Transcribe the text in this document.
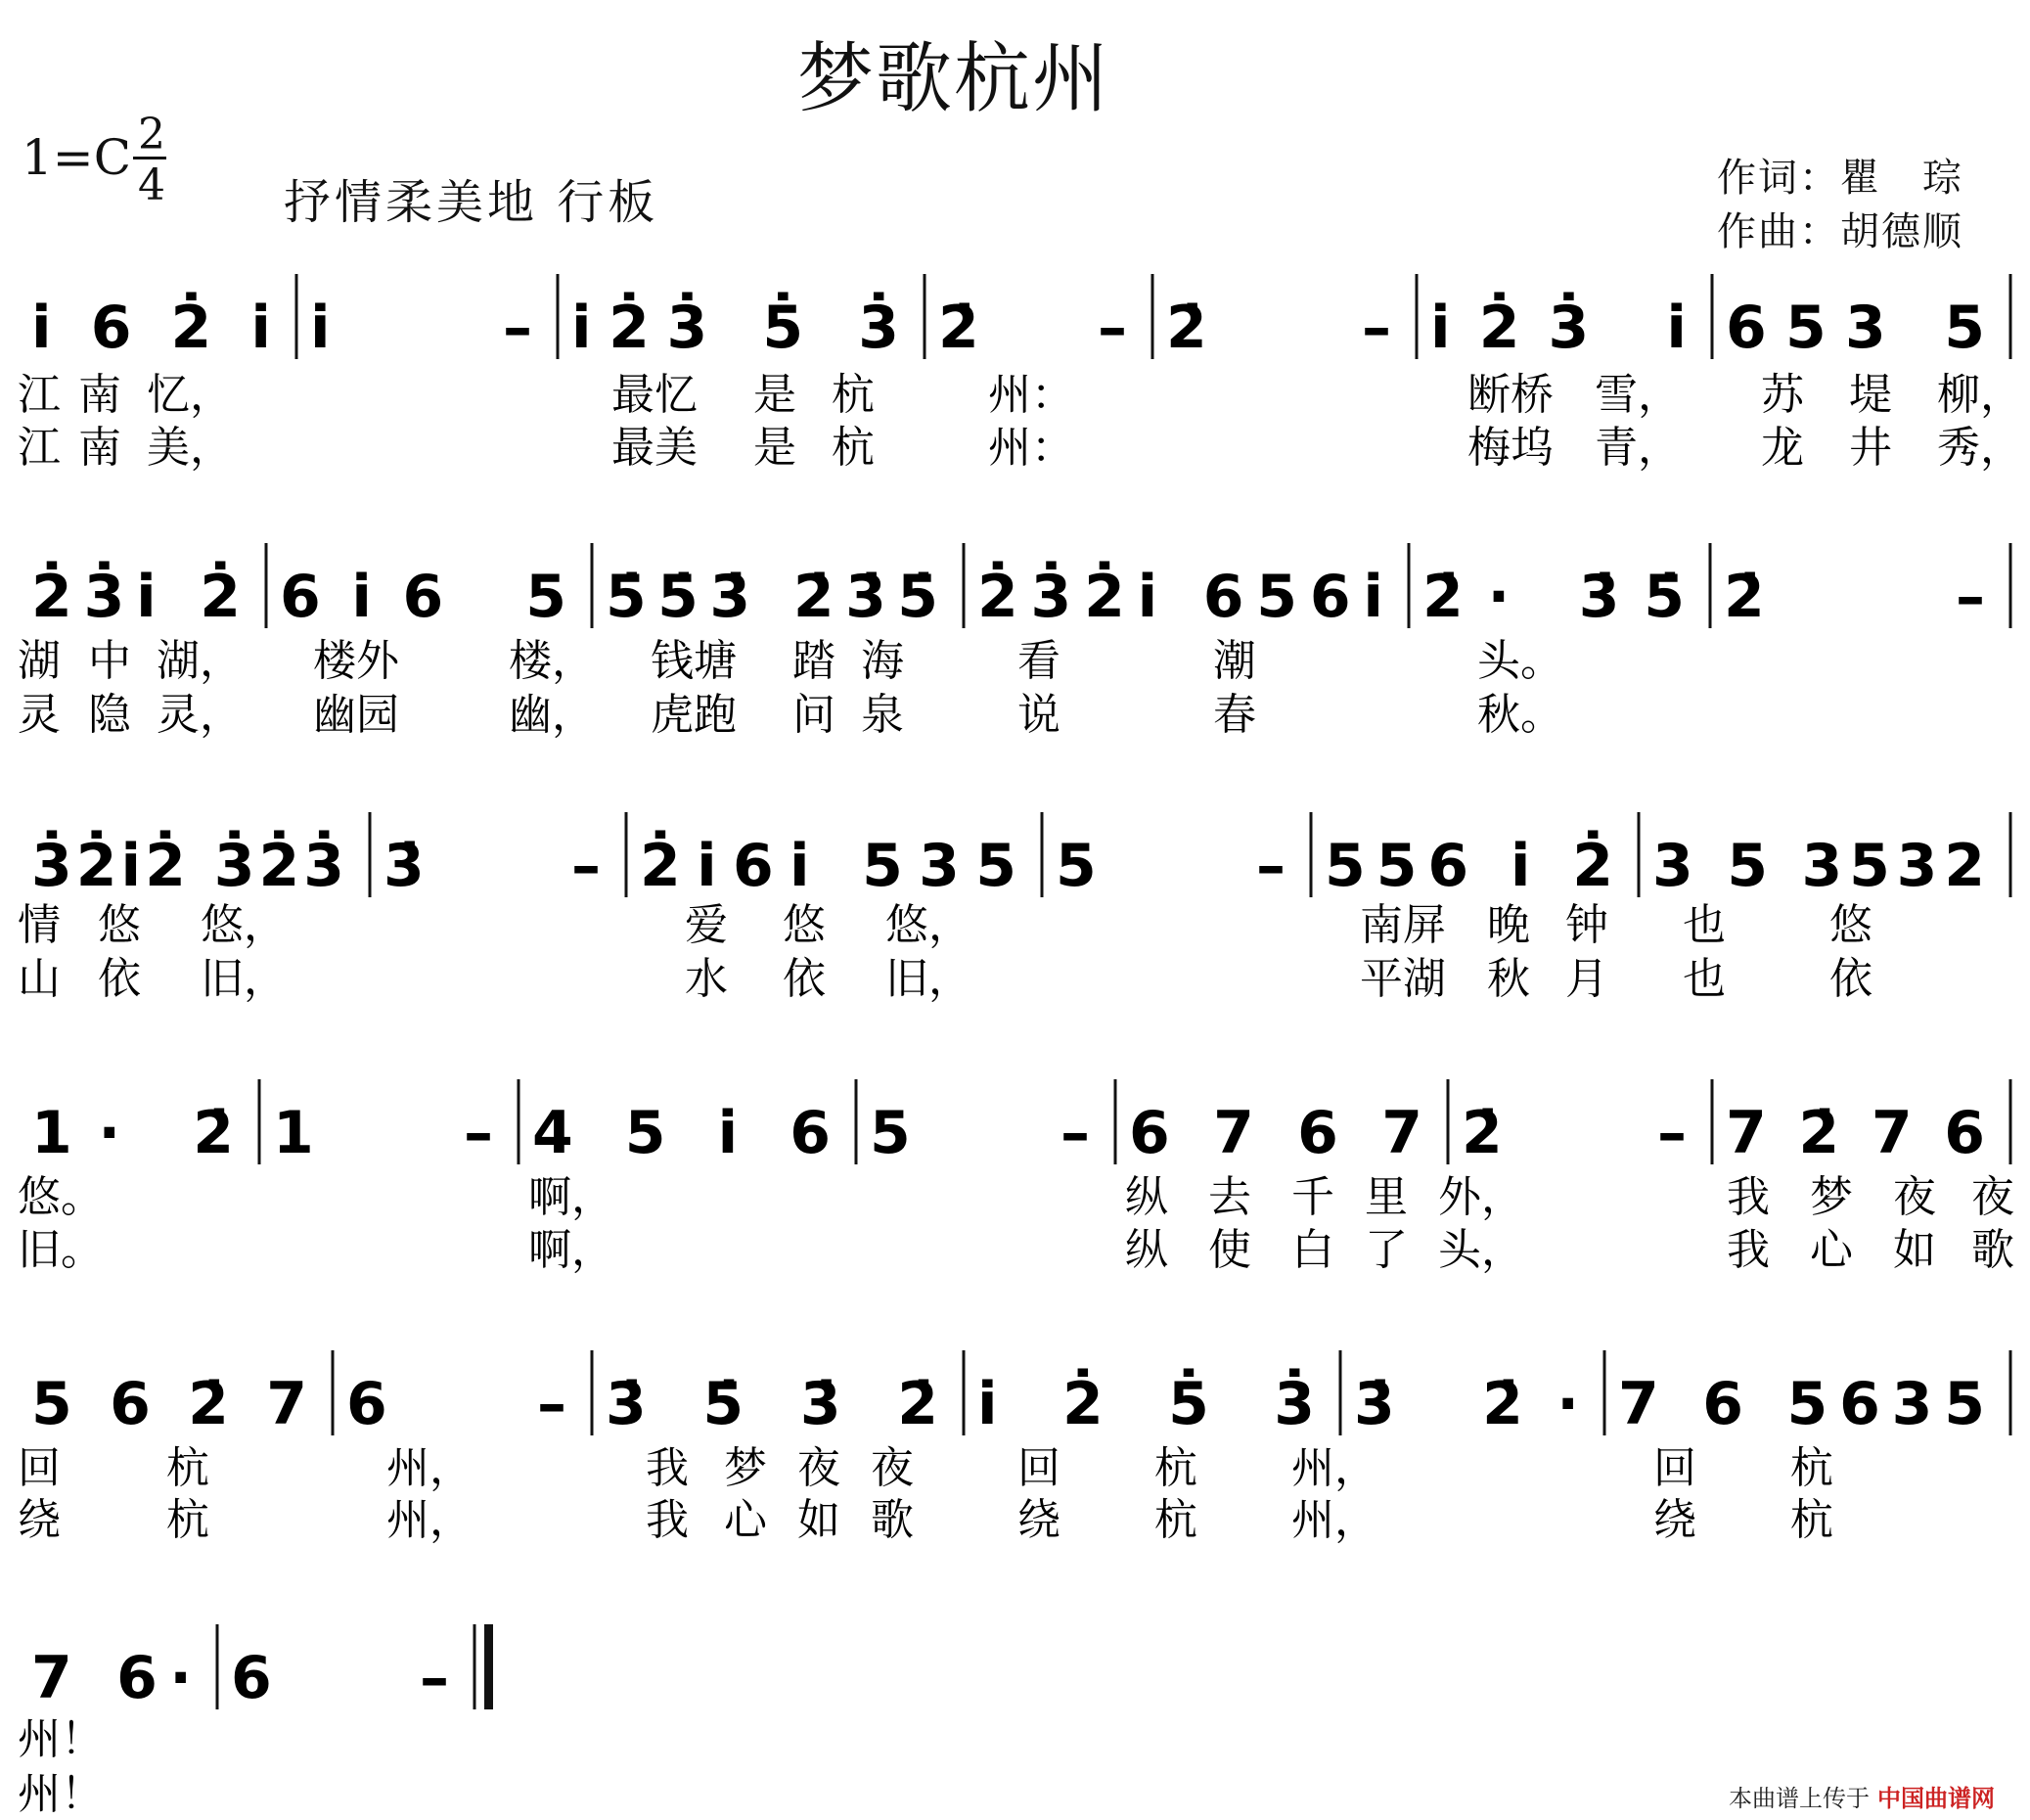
梦歌杭州
1=C 2
4	抒情柔美地 行板	作词：瞿　琮
作曲：胡德顺
i̇ 6 2̇ i̇ i̇ – i̇2̇3̇ 5̇ 3̇ 2̇ – 2̇ – i̇2̇3̇ i̇ 653 5
江 南 忆，	最忆 是 杭	州：	断桥 雪， 苏 堤 柳，
江 南 美，	最美 是 杭	州：	梅坞 青， 龙 井 秀，
2̇3̇i̇ 2̇ 6i̇6 5 5̇5̇3̇ 2̇3̇5̇ 2̇3̇2̇i̇ 656i̇ 2̇· 3̇5̇ 2̇ –
湖 中 湖， 楼外	楼， 钱塘 踏 海	看	潮	头。
灵 隐 灵， 幽园	幽， 虎跑 问 泉	说	春	秋。
3̇2̇i̇2̇ 3̇2̇3̇ 3̇ – 2̇i̇6i̇ 535 5 – 556 i̇ 2̇ 3 5 3532
情 悠 悠，	爱 悠 悠，	南屏 晚 钟 也 悠
山 依 旧，	水 依 旧，	平湖 秋 月 也 依
1· 2̇ 1 – 4 5 i̇ 6 5 – 6 7 6 7 2̇ – 7 2̇ 7 6
悠。	啊，	纵 去 千 里 外，	我 梦 夜 夜
旧。	啊，	纵 使 白 了 头，	我 心 如 歌
5 6 2̇ 7 6 – 3̇ 5̇ 3̇ 2̇ i̇ 2̇ 5̇ 3̇ 3̇ 2̇· 7 6 5635
回 杭	州，	我 梦 夜 夜 回 杭 州，	回 杭
绕 杭	州，	我 心 如 歌 绕 杭 州，	绕 杭
7 6· 6 –
州！
州！	本曲谱上传于 中国曲谱网
